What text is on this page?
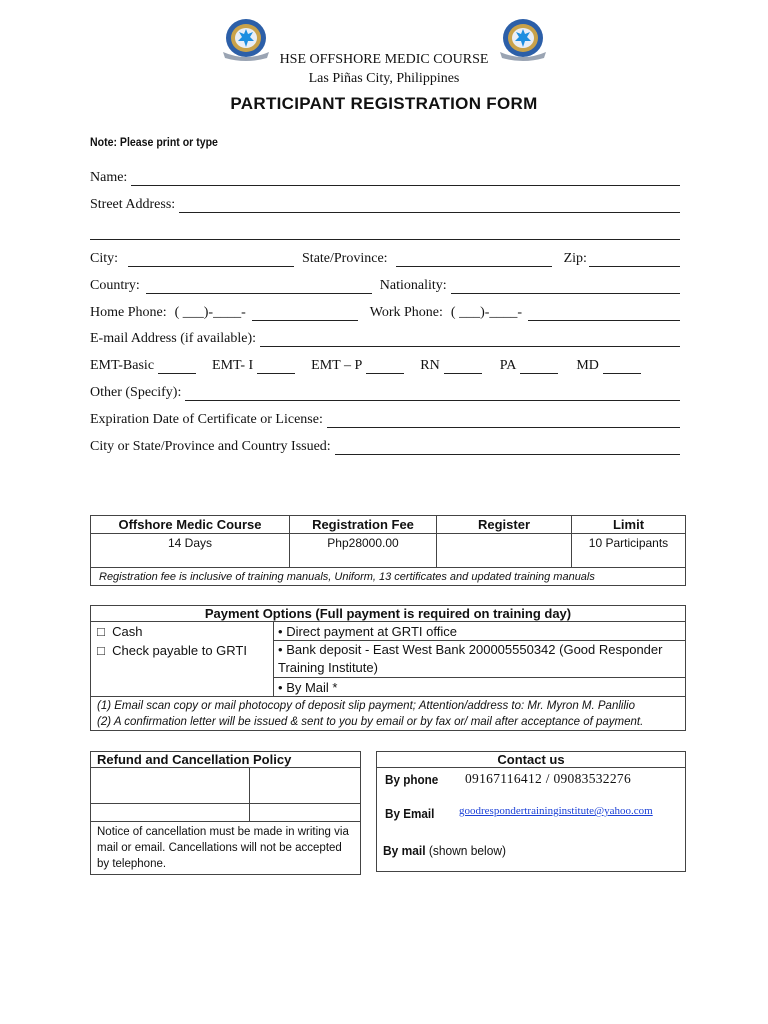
HSE OFFSHORE MEDIC COURSE
Las Piñas City, Philippines
PARTICIPANT REGISTRATION FORM
Note: Please print or type
Name:
Street Address:
City:	State/Province:	Zip:
Country:	Nationality:
Home Phone: ( ___)-____-	Work Phone: ( ___)-____-
E-mail Address (if available):
EMT-Basic	EMT- I	EMT – P	RN	PA	MD
Other (Specify):
Expiration Date of Certificate or License:
City or State/Province and Country Issued:
Offshore Medic Course	Registration Fee	Register	Limit
14 Days	Php28000.00		10 Participants
Registration fee is inclusive of training manuals, Uniform, 13 certificates and updated training manuals			
Payment Options (Full payment is required on training day)

□ Cash
□ Check payable to GRTI
	• Direct payment at GRTI office
• Bank deposit - East West Bank 200005550342 (Good Responder Training Institute)
• By Mail *

(1) Email scan copy or mail photocopy of deposit slip payment; Attention/address to: Mr. Myron M. Panlilio
(2) A confirmation letter will be issued & sent to you by email or by fax or/ mail after acceptance of payment.
Refund and Cancellation Policy	

Notice of cancellation must be made in writing via mail or email. Cancellations will not be accepted by telephone.	
Contact us

By phone 09167116412 / 09083532276
By Email goodrespondertraininginstitute@yahoo.com
By mail (shown below)
